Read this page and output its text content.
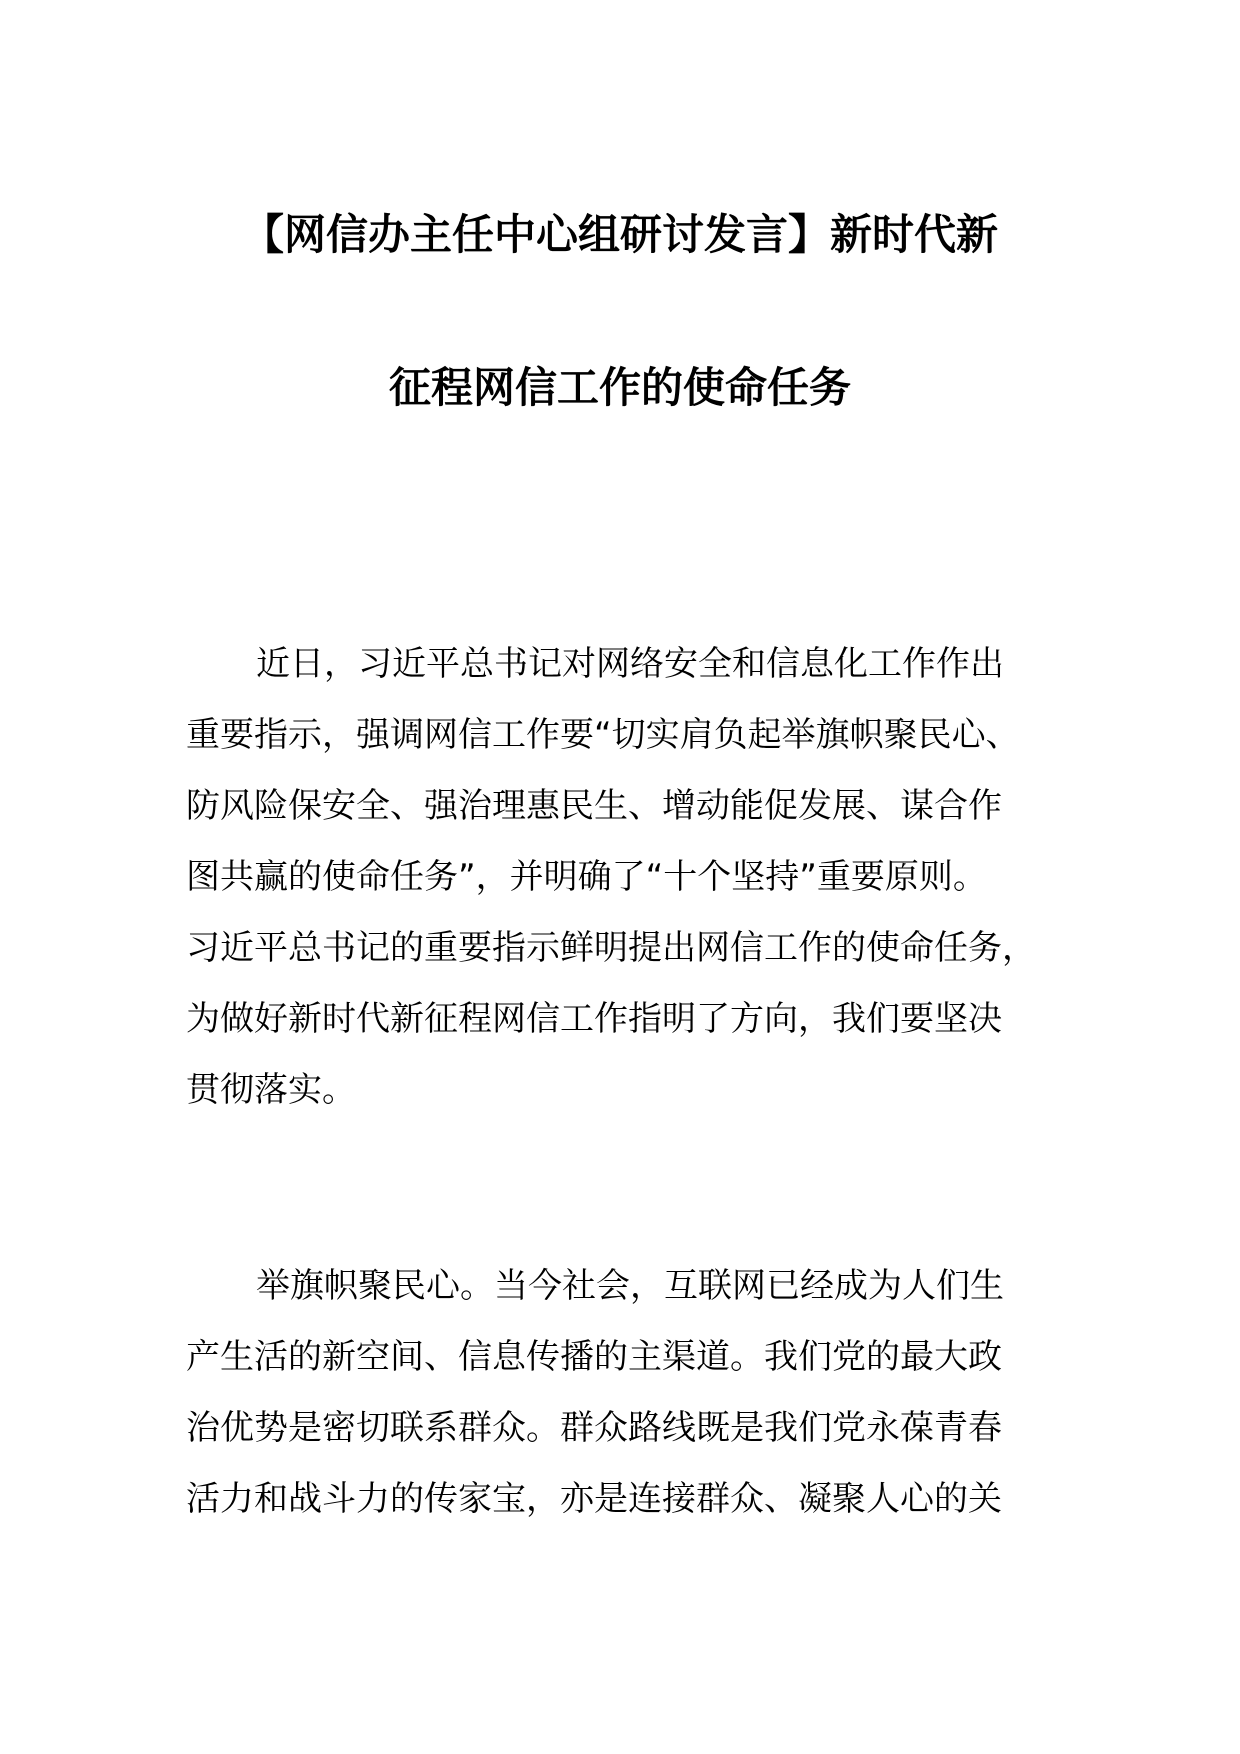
【网信办主任中心组研讨发言】新时代新
征程网信工作的使命任务
近日，习近平总书记对网络安全和信息化工作作出
重要指示，强调网信工作要“切实肩负起举旗帜聚民心、
防风险保安全、强治理惠民生、增动能促发展、谋合作
图共赢的使命任务”，并明确了“十个坚持”重要原则。
习近平总书记的重要指示鲜明提出网信工作的使命任务，
为做好新时代新征程网信工作指明了方向，我们要坚决
贯彻落实。
举旗帜聚民心。当今社会，互联网已经成为人们生
产生活的新空间、信息传播的主渠道。我们党的最大政
治优势是密切联系群众。群众路线既是我们党永葆青春
活力和战斗力的传家宝，亦是连接群众、凝聚人心的关
